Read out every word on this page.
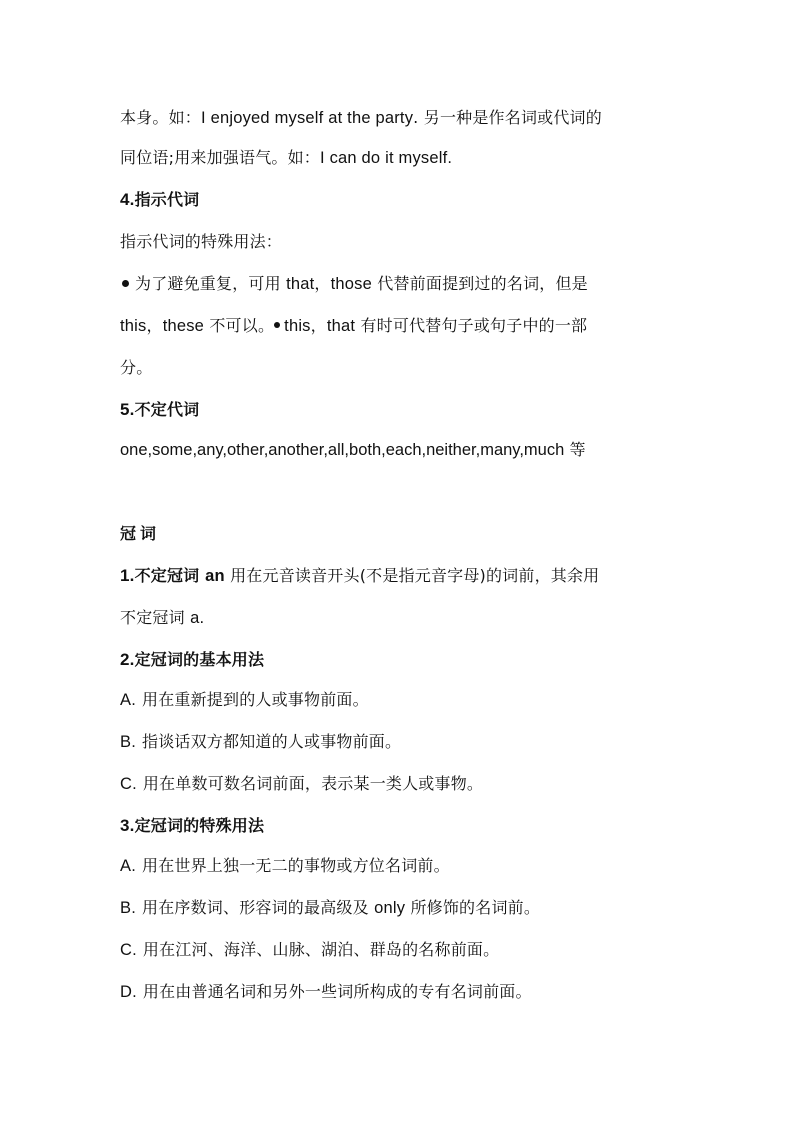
本身。如：I enjoyed myself at the party. 另一种是作名词或代词的
同位语;用来加强语气。如：I can do it myself.
4.指示代词
指示代词的特殊用法：
为了避免重复，可用 that，those 代替前面提到过的名词，但是
this，these 不可以。 this，that 有时可代替句子或句子中的一部
分。
5.不定代词
one,some,any,other,another,all,both,each,neither,many,much 等
冠词
1.不定冠词 an 用在元音读音开头(不是指元音字母)的词前，其余用
不定冠词 a.
2.定冠词的基本用法
A. 用在重新提到的人或事物前面。
B. 指谈话双方都知道的人或事物前面。
C. 用在单数可数名词前面，表示某一类人或事物。
3.定冠词的特殊用法
A. 用在世界上独一无二的事物或方位名词前。
B. 用在序数词、形容词的最高级及 only 所修饰的名词前。
C. 用在江河、海洋、山脉、湖泊、群岛的名称前面。
D. 用在由普通名词和另外一些词所构成的专有名词前面。
